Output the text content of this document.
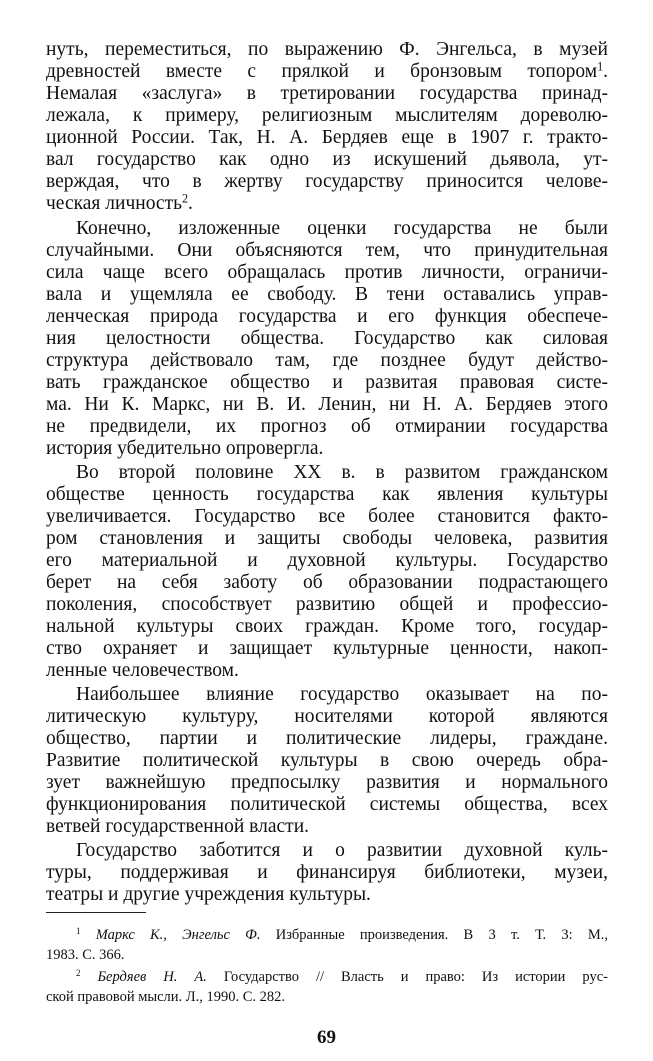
нуть, переместиться, по выражению Ф. Энгельса, в музей
древностей вместе с прялкой и бронзовым топором$^1$.
Немалая «заслуга» в третировании государства принад-
лежала, к примеру, религиозным мыслителям дореволю-
ционной России. Так, Н. А. Бердяев еще в 1907 г. тракто-
вал государство как одно из искушений дьявола, ут-
верждая, что в жертву государству приносится челове-
ческая личность$^2$.
Конечно, изложенные оценки государства не были
случайными. Они объясняются тем, что принудительная
сила чаще всего обращалась против личности, ограничи-
вала и ущемляла ее свободу. В тени оставались управ-
ленческая природа государства и его функция обеспече-
ния целостности общества. Государство как силовая
структура действовало там, где позднее будут действо-
вать гражданское общество и развитая правовая систе-
ма. Ни К. Маркс, ни В. И. Ленин, ни Н. А. Бердяев этого
не предвидели, их прогноз об отмирании государства
история убедительно опровергла.
Во второй половине XX в. в развитом гражданском
обществе ценность государства как явления культуры
увеличивается. Государство все более становится факто-
ром становления и защиты свободы человека, развития
его материальной и духовной культуры. Государство
берет на себя заботу об образовании подрастающего
поколения, способствует развитию общей и профессио-
нальной культуры своих граждан. Кроме того, государ-
ство охраняет и защищает культурные ценности, накоп-
ленные человечеством.
Наибольшее влияние государство оказывает на по-
литическую культуру, носителями которой являются
общество, партии и политические лидеры, граждане.
Развитие политической культуры в свою очередь обра-
зует важнейшую предпосылку развития и нормального
функционирования политической системы общества, всех
ветвей государственной власти.
Государство заботится и о развитии духовной куль-
туры, поддерживая и финансируя библиотеки, музеи,
театры и другие учреждения культуры.
$^1$ Маркс К., Энгельс Ф. Избранные произведения. В 3 т. Т. 3: М.,
1983. С. 366.
$^2$ Бердяев Н. А. Государство // Власть и право: Из истории рус-
ской правовой мысли. Л., 1990. С. 282.
69
